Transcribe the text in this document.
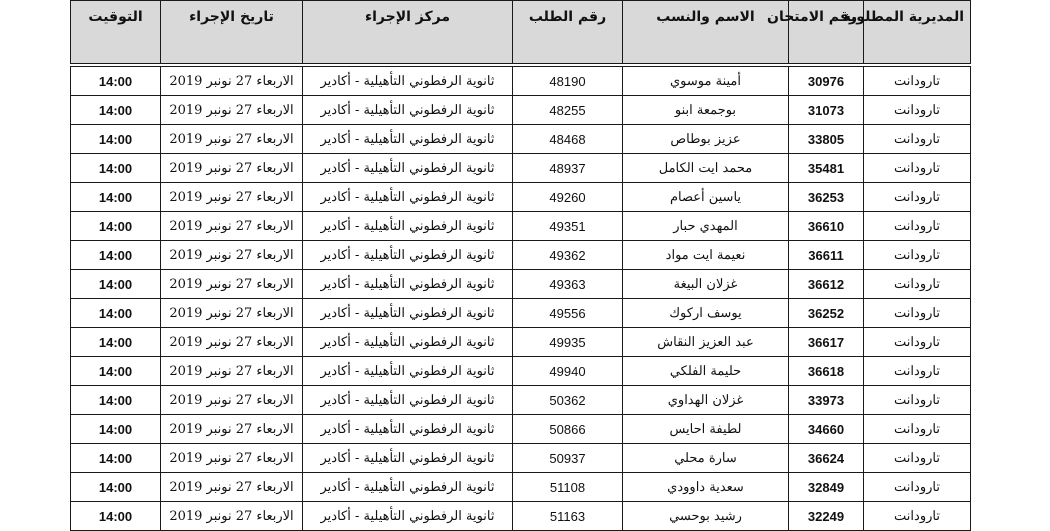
المديرية المطلوبة	رقم الامتحان	الاسم والنسب	رقم الطلب	مركز الإجراء	تاريخ الإجراء	التوقيت

تارودانت	30976	أمينة موسوي	48190	ثانوية الرفطوني التأهيلية - أكادير	الاربعاء 27 نونبر 2019	14:00
تارودانت	31073	بوجمعة ابنو	48255	ثانوية الرفطوني التأهيلية - أكادير	الاربعاء 27 نونبر 2019	14:00
تارودانت	33805	عزيز بوطاص	48468	ثانوية الرفطوني التأهيلية - أكادير	الاربعاء 27 نونبر 2019	14:00
تارودانت	35481	محمد ايت الكامل	48937	ثانوية الرفطوني التأهيلية - أكادير	الاربعاء 27 نونبر 2019	14:00
تارودانت	36253	ياسين أعصام	49260	ثانوية الرفطوني التأهيلية - أكادير	الاربعاء 27 نونبر 2019	14:00
تارودانت	36610	المهدي حبار	49351	ثانوية الرفطوني التأهيلية - أكادير	الاربعاء 27 نونبر 2019	14:00
تارودانت	36611	نعيمة ايت مواد	49362	ثانوية الرفطوني التأهيلية - أكادير	الاربعاء 27 نونبر 2019	14:00
تارودانت	36612	غزلان البيغة	49363	ثانوية الرفطوني التأهيلية - أكادير	الاربعاء 27 نونبر 2019	14:00
تارودانت	36252	يوسف اركوك	49556	ثانوية الرفطوني التأهيلية - أكادير	الاربعاء 27 نونبر 2019	14:00
تارودانت	36617	عبد العزيز النقاش	49935	ثانوية الرفطوني التأهيلية - أكادير	الاربعاء 27 نونبر 2019	14:00
تارودانت	36618	حليمة الفلكي	49940	ثانوية الرفطوني التأهيلية - أكادير	الاربعاء 27 نونبر 2019	14:00
تارودانت	33973	غزلان الهداوي	50362	ثانوية الرفطوني التأهيلية - أكادير	الاربعاء 27 نونبر 2019	14:00
تارودانت	34660	لطيفة احايس	50866	ثانوية الرفطوني التأهيلية - أكادير	الاربعاء 27 نونبر 2019	14:00
تارودانت	36624	سارة محلي	50937	ثانوية الرفطوني التأهيلية - أكادير	الاربعاء 27 نونبر 2019	14:00
تارودانت	32849	سعدية داوودي	51108	ثانوية الرفطوني التأهيلية - أكادير	الاربعاء 27 نونبر 2019	14:00
تارودانت	32249	رشيد بوحسي	51163	ثانوية الرفطوني التأهيلية - أكادير	الاربعاء 27 نونبر 2019	14:00
